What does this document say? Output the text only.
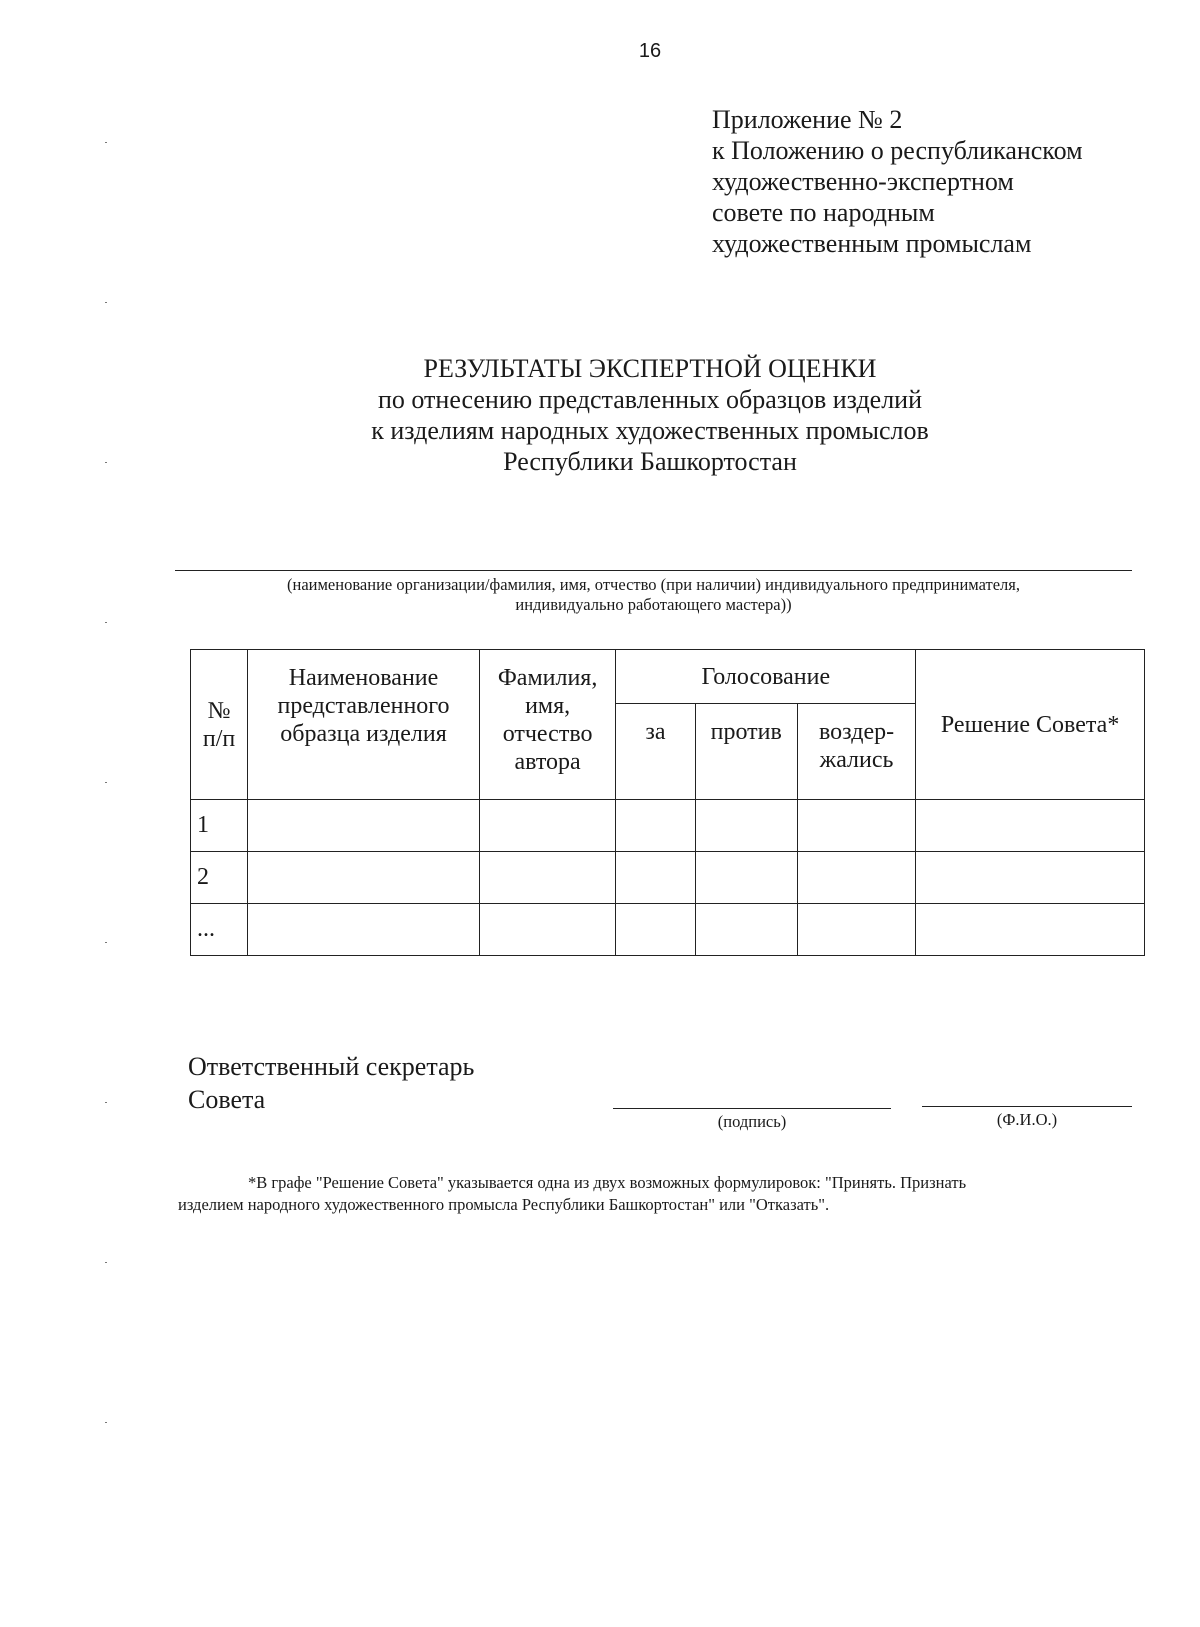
16
Приложение № 2
к Положению о республиканском
художественно-экспертном
совете по народным
художественным промыслам
РЕЗУЛЬТАТЫ ЭКСПЕРТНОЙ ОЦЕНКИ
по отнесению представленных образцов изделий
к изделиям народных художественных промыслов
Республики Башкортостан
(наименование организации/фамилия, имя, отчество (при наличии) индивидуального предпринимателя,
индивидуально работающего мастера))
№ п/п	Наименование представленного образца изделия	Фамилия, имя, отчество автора	Голосование			Решение Совета*
			за	против	воздер-жались	
1						
2						
...						
Ответственный секретарь
Совета
(подпись)	(Ф.И.О.)
*В графе "Решение Совета" указывается одна из двух возможных формулировок: "Принять. Признать
изделием народного художественного промысла Республики Башкортостан" или "Отказать".
